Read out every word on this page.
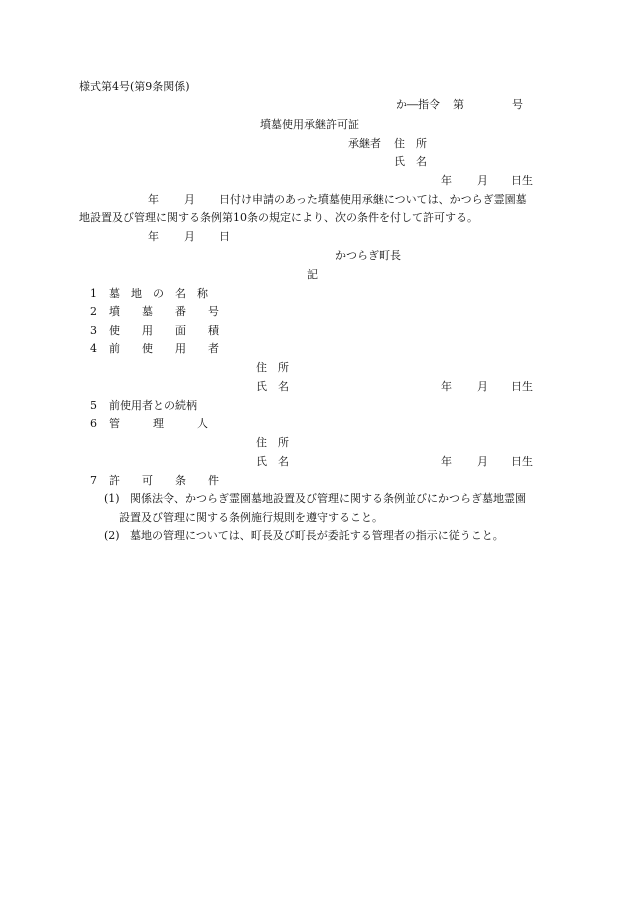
様式第4号(第9条関係)
か―指令 第	号
墳墓使用承継許可証
承継者 住　所
氏　名
年 月 日生
年 月 日付け申請のあった墳墓使用承継については、かつらぎ霊園墓
地設置及び管理に関する条例第10条の規定により、次の条件を付して許可する。
年 月 日
かつらぎ町長
記
1 墓　地　の　名　称
2 墳　　墓　　番　　号
3 使　　用　　面　　積
4 前　　使　　用　　者
住　所
氏　名	年 月 日生
5 前使用者との続柄
6 管　　　理　　　人
住　所
氏　名	年 月 日生
7 許　　可　　条　　件
(1) 関係法令、かつらぎ霊園墓地設置及び管理に関する条例並びにかつらぎ墓地霊園
設置及び管理に関する条例施行規則を遵守すること。
(2) 墓地の管理については、町長及び町長が委託する管理者の指示に従うこと。
